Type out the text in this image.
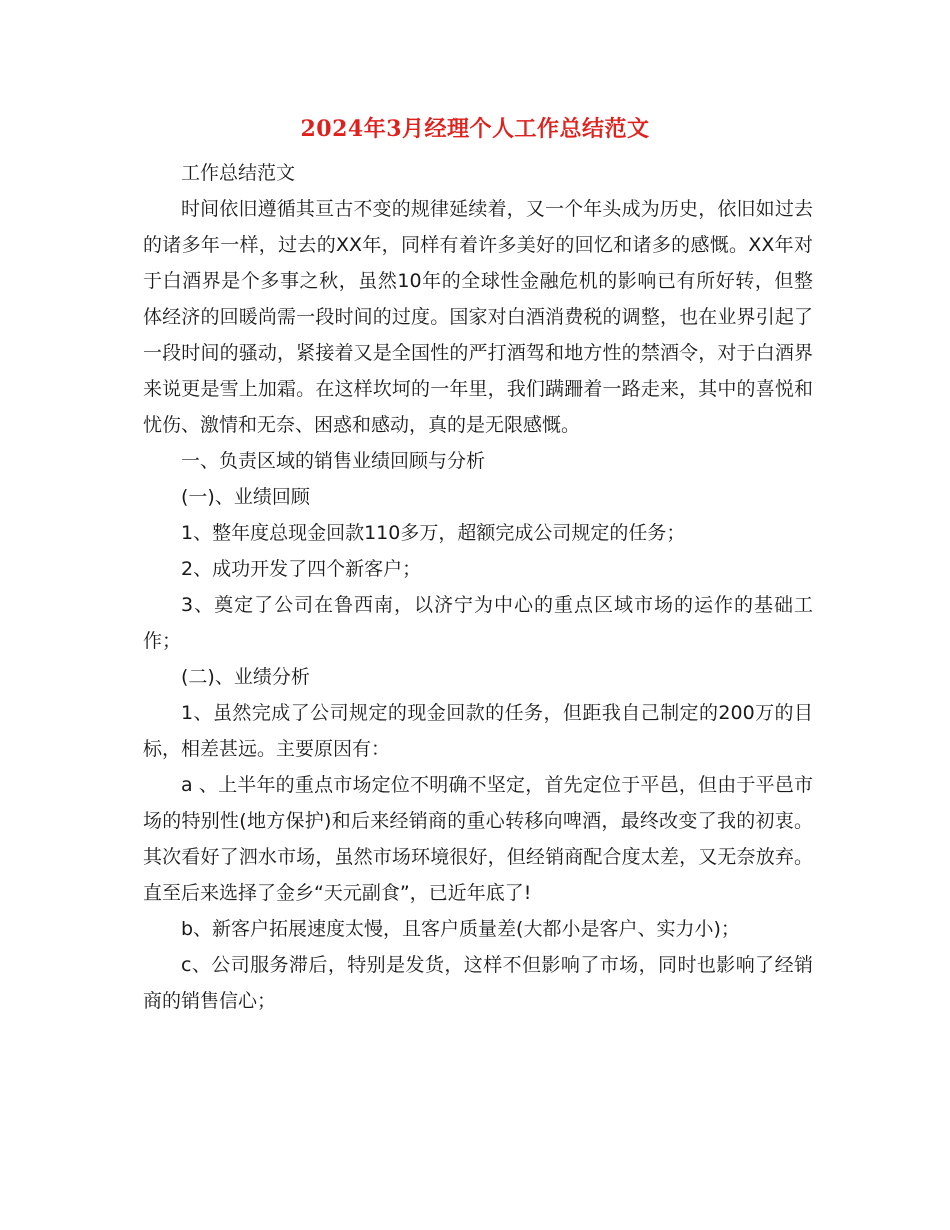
2024年3月经理个人工作总结范文

工作总结范文

时间依旧遵循其亘古不变的规律延续着，又一个年头成为历史，依旧如过去的诸多年一样，过去的XX年，同样有着许多美好的回忆和诸多的感慨。XX年对于白酒界是个多事之秋，虽然10年的全球性金融危机的影响已有所好转，但整体经济的回暖尚需一段时间的过度。国家对白酒消费税的调整，也在业界引起了一段时间的骚动，紧接着又是全国性的严打酒驾和地方性的禁酒令，对于白酒界来说更是雪上加霜。在这样坎坷的一年里，我们蹒跚着一路走来，其中的喜悦和忧伤、激情和无奈、困惑和感动，真的是无限感慨。

一、负责区域的销售业绩回顾与分析

(一)、业绩回顾

1、整年度总现金回款110多万，超额完成公司规定的任务；

2、成功开发了四个新客户；

3、奠定了公司在鲁西南，以济宁为中心的重点区域市场的运作的基础工作；

(二)、业绩分析

1、虽然完成了公司规定的现金回款的任务，但距我自己制定的200万的目标，相差甚远。主要原因有：

a 、上半年的重点市场定位不明确不坚定，首先定位于平邑，但由于平邑市场的特别性(地方保护)和后来经销商的重心转移向啤酒，最终改变了我的初衷。其次看好了泗水市场，虽然市场环境很好，但经销商配合度太差，又无奈放弃。直至后来选择了金乡“天元副食”，已近年底了!

b、新客户拓展速度太慢，且客户质量差(大都小是客户、实力小)；

c、公司服务滞后，特别是发货，这样不但影响了市场，同时也影响了经销商的销售信心；
